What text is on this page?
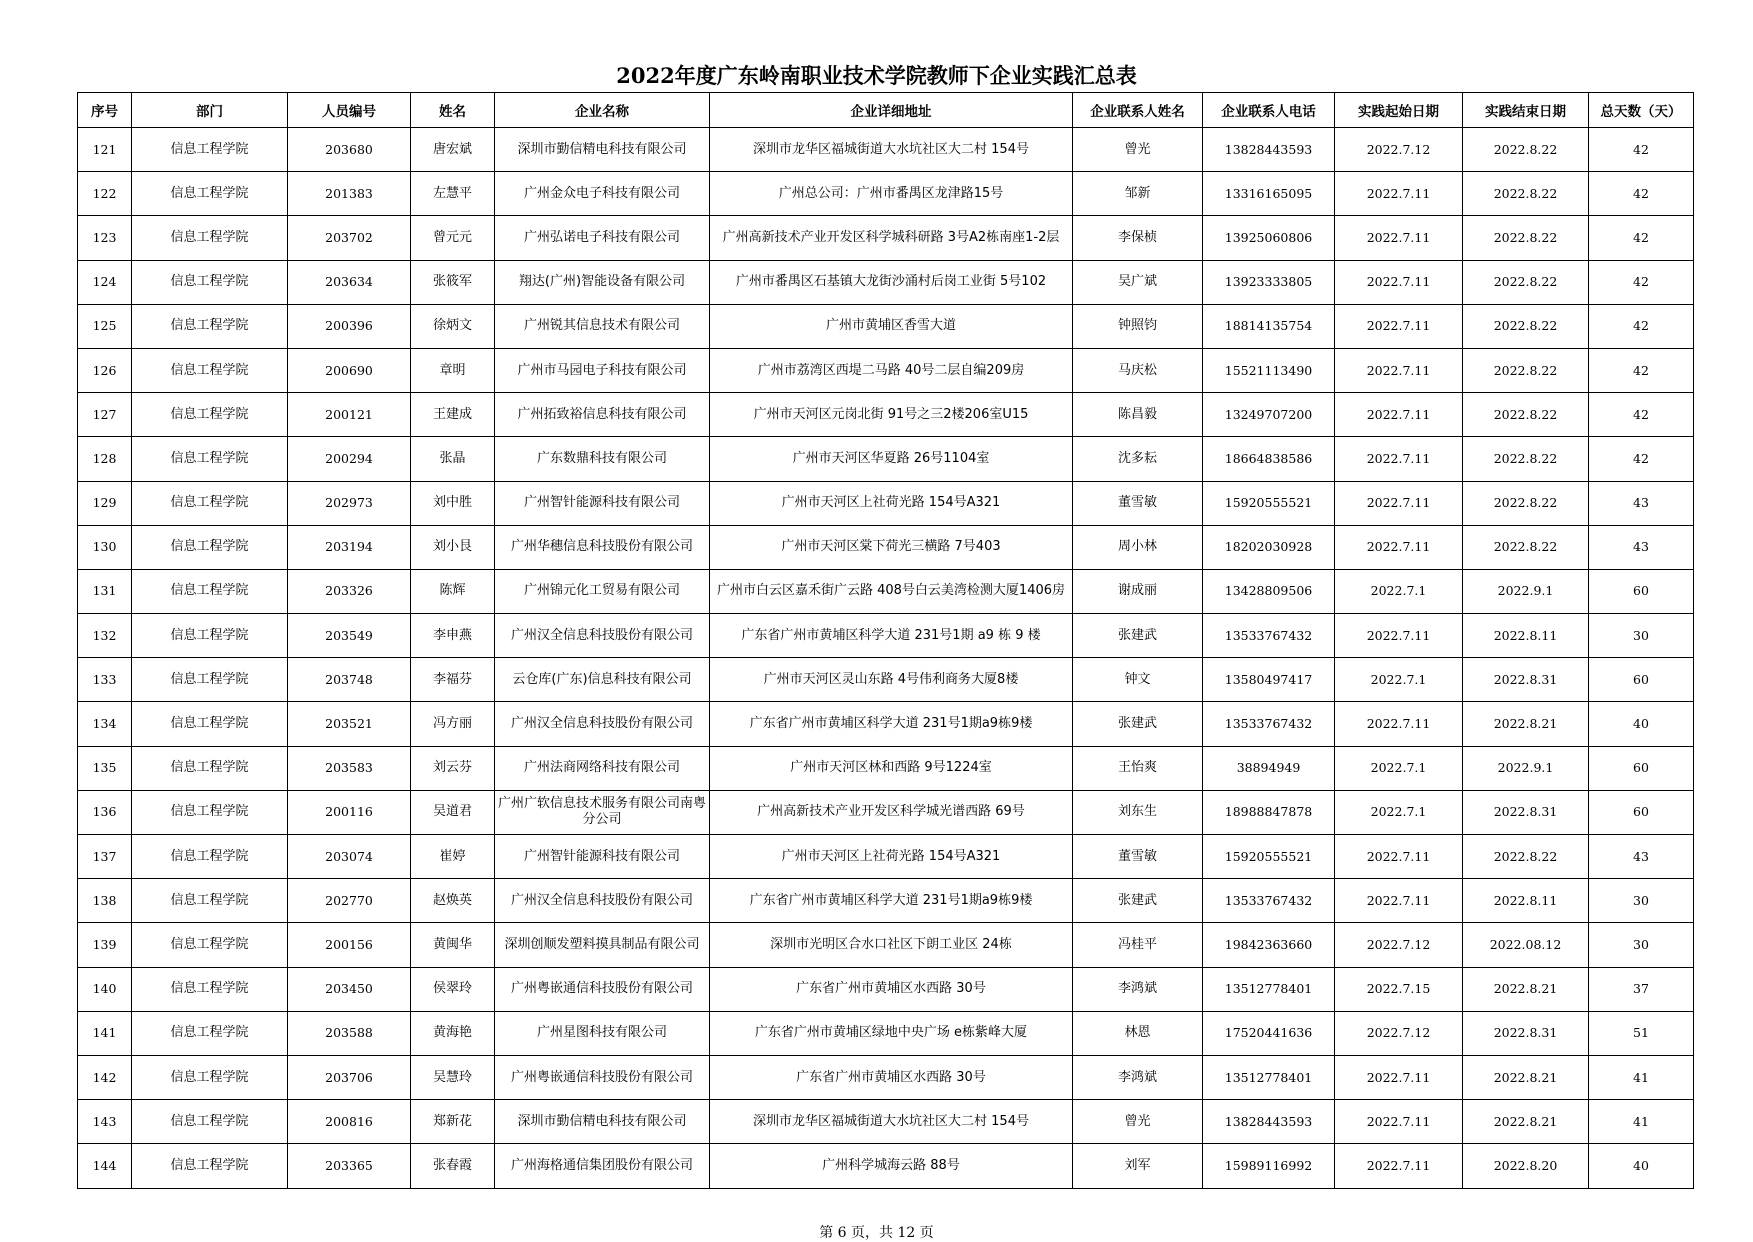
2022年度广东岭南职业技术学院教师下企业实践汇总表
序号	部门	人员编号	姓名	企业名称	企业详细地址	企业联系人姓名	企业联系人电话	实践起始日期	实践结束日期	总天数（天）
121	信息工程学院	203680	唐宏斌	深圳市勤信精电科技有限公司	深圳市龙华区福城街道大水坑社区大二村 154号	曾光	13828443593	2022.7.12	2022.8.22	42
122	信息工程学院	201383	左慧平	广州金众电子科技有限公司	广州总公司：广州市番禺区龙津路15号	邹新	13316165095	2022.7.11	2022.8.22	42
123	信息工程学院	203702	曾元元	广州弘诺电子科技有限公司	广州高新技术产业开发区科学城科研路 3号A2栋南座1-2层	李保桢	13925060806	2022.7.11	2022.8.22	42
124	信息工程学院	203634	张筱军	翔达(广州)智能设备有限公司	广州市番禺区石基镇大龙街沙涌村后岗工业街 5号102	吴广斌	13923333805	2022.7.11	2022.8.22	42
125	信息工程学院	200396	徐炳文	广州锐其信息技术有限公司	广州市黄埔区香雪大道	钟照钧	18814135754	2022.7.11	2022.8.22	42
126	信息工程学院	200690	章明	广州市马园电子科技有限公司	广州市荔湾区西堤二马路 40号二层自编209房	马庆松	15521113490	2022.7.11	2022.8.22	42
127	信息工程学院	200121	王建成	广州拓致裕信息科技有限公司	广州市天河区元岗北街 91号之三2楼206室U15	陈昌毅	13249707200	2022.7.11	2022.8.22	42
128	信息工程学院	200294	张晶	广东数鼎科技有限公司	广州市天河区华夏路 26号1104室	沈多耘	18664838586	2022.7.11	2022.8.22	42
129	信息工程学院	202973	刘中胜	广州智针能源科技有限公司	广州市天河区上社荷光路 154号A321	董雪敏	15920555521	2022.7.11	2022.8.22	43
130	信息工程学院	203194	刘小艮	广州华穗信息科技股份有限公司	广州市天河区棠下荷光三横路 7号403	周小林	18202030928	2022.7.11	2022.8.22	43
131	信息工程学院	203326	陈辉	广州锦元化工贸易有限公司	广州市白云区嘉禾街广云路 408号白云美湾检测大厦1406房	谢成丽	13428809506	2022.7.1	2022.9.1	60
132	信息工程学院	203549	李申燕	广州汉全信息科技股份有限公司	广东省广州市黄埔区科学大道 231号1期 a9 栋 9 楼	张建武	13533767432	2022.7.11	2022.8.11	30
133	信息工程学院	203748	李福芬	云仓库(广东)信息科技有限公司	广州市天河区灵山东路 4号伟利商务大厦8楼	钟文	13580497417	2022.7.1	2022.8.31	60
134	信息工程学院	203521	冯方丽	广州汉全信息科技股份有限公司	广东省广州市黄埔区科学大道 231号1期a9栋9楼	张建武	13533767432	2022.7.11	2022.8.21	40
135	信息工程学院	203583	刘云芬	广州法商网络科技有限公司	广州市天河区林和西路 9号1224室	王怡爽	38894949	2022.7.1	2022.9.1	60
136	信息工程学院	200116	吴道君	广州广软信息技术服务有限公司南粤分公司	广州高新技术产业开发区科学城光谱西路 69号	刘东生	18988847878	2022.7.1	2022.8.31	60
137	信息工程学院	203074	崔婷	广州智针能源科技有限公司	广州市天河区上社荷光路 154号A321	董雪敏	15920555521	2022.7.11	2022.8.22	43
138	信息工程学院	202770	赵焕英	广州汉全信息科技股份有限公司	广东省广州市黄埔区科学大道 231号1期a9栋9楼	张建武	13533767432	2022.7.11	2022.8.11	30
139	信息工程学院	200156	黄闽华	深圳创顺发塑料摸具制品有限公司	深圳市光明区合水口社区下朗工业区 24栋	冯桂平	19842363660	2022.7.12	2022.08.12	30
140	信息工程学院	203450	侯翠玲	广州粤嵌通信科技股份有限公司	广东省广州市黄埔区水西路 30号	李鸿斌	13512778401	2022.7.15	2022.8.21	37
141	信息工程学院	203588	黄海艳	广州星图科技有限公司	广东省广州市黄埔区绿地中央广场 e栋紫峰大厦	林恩	17520441636	2022.7.12	2022.8.31	51
142	信息工程学院	203706	吴慧玲	广州粤嵌通信科技股份有限公司	广东省广州市黄埔区水西路 30号	李鸿斌	13512778401	2022.7.11	2022.8.21	41
143	信息工程学院	200816	郑新花	深圳市勤信精电科技有限公司	深圳市龙华区福城街道大水坑社区大二村 154号	曾光	13828443593	2022.7.11	2022.8.21	41
144	信息工程学院	203365	张春霞	广州海格通信集团股份有限公司	广州科学城海云路 88号	刘军	15989116992	2022.7.11	2022.8.20	40
第 6 页，共 12 页
